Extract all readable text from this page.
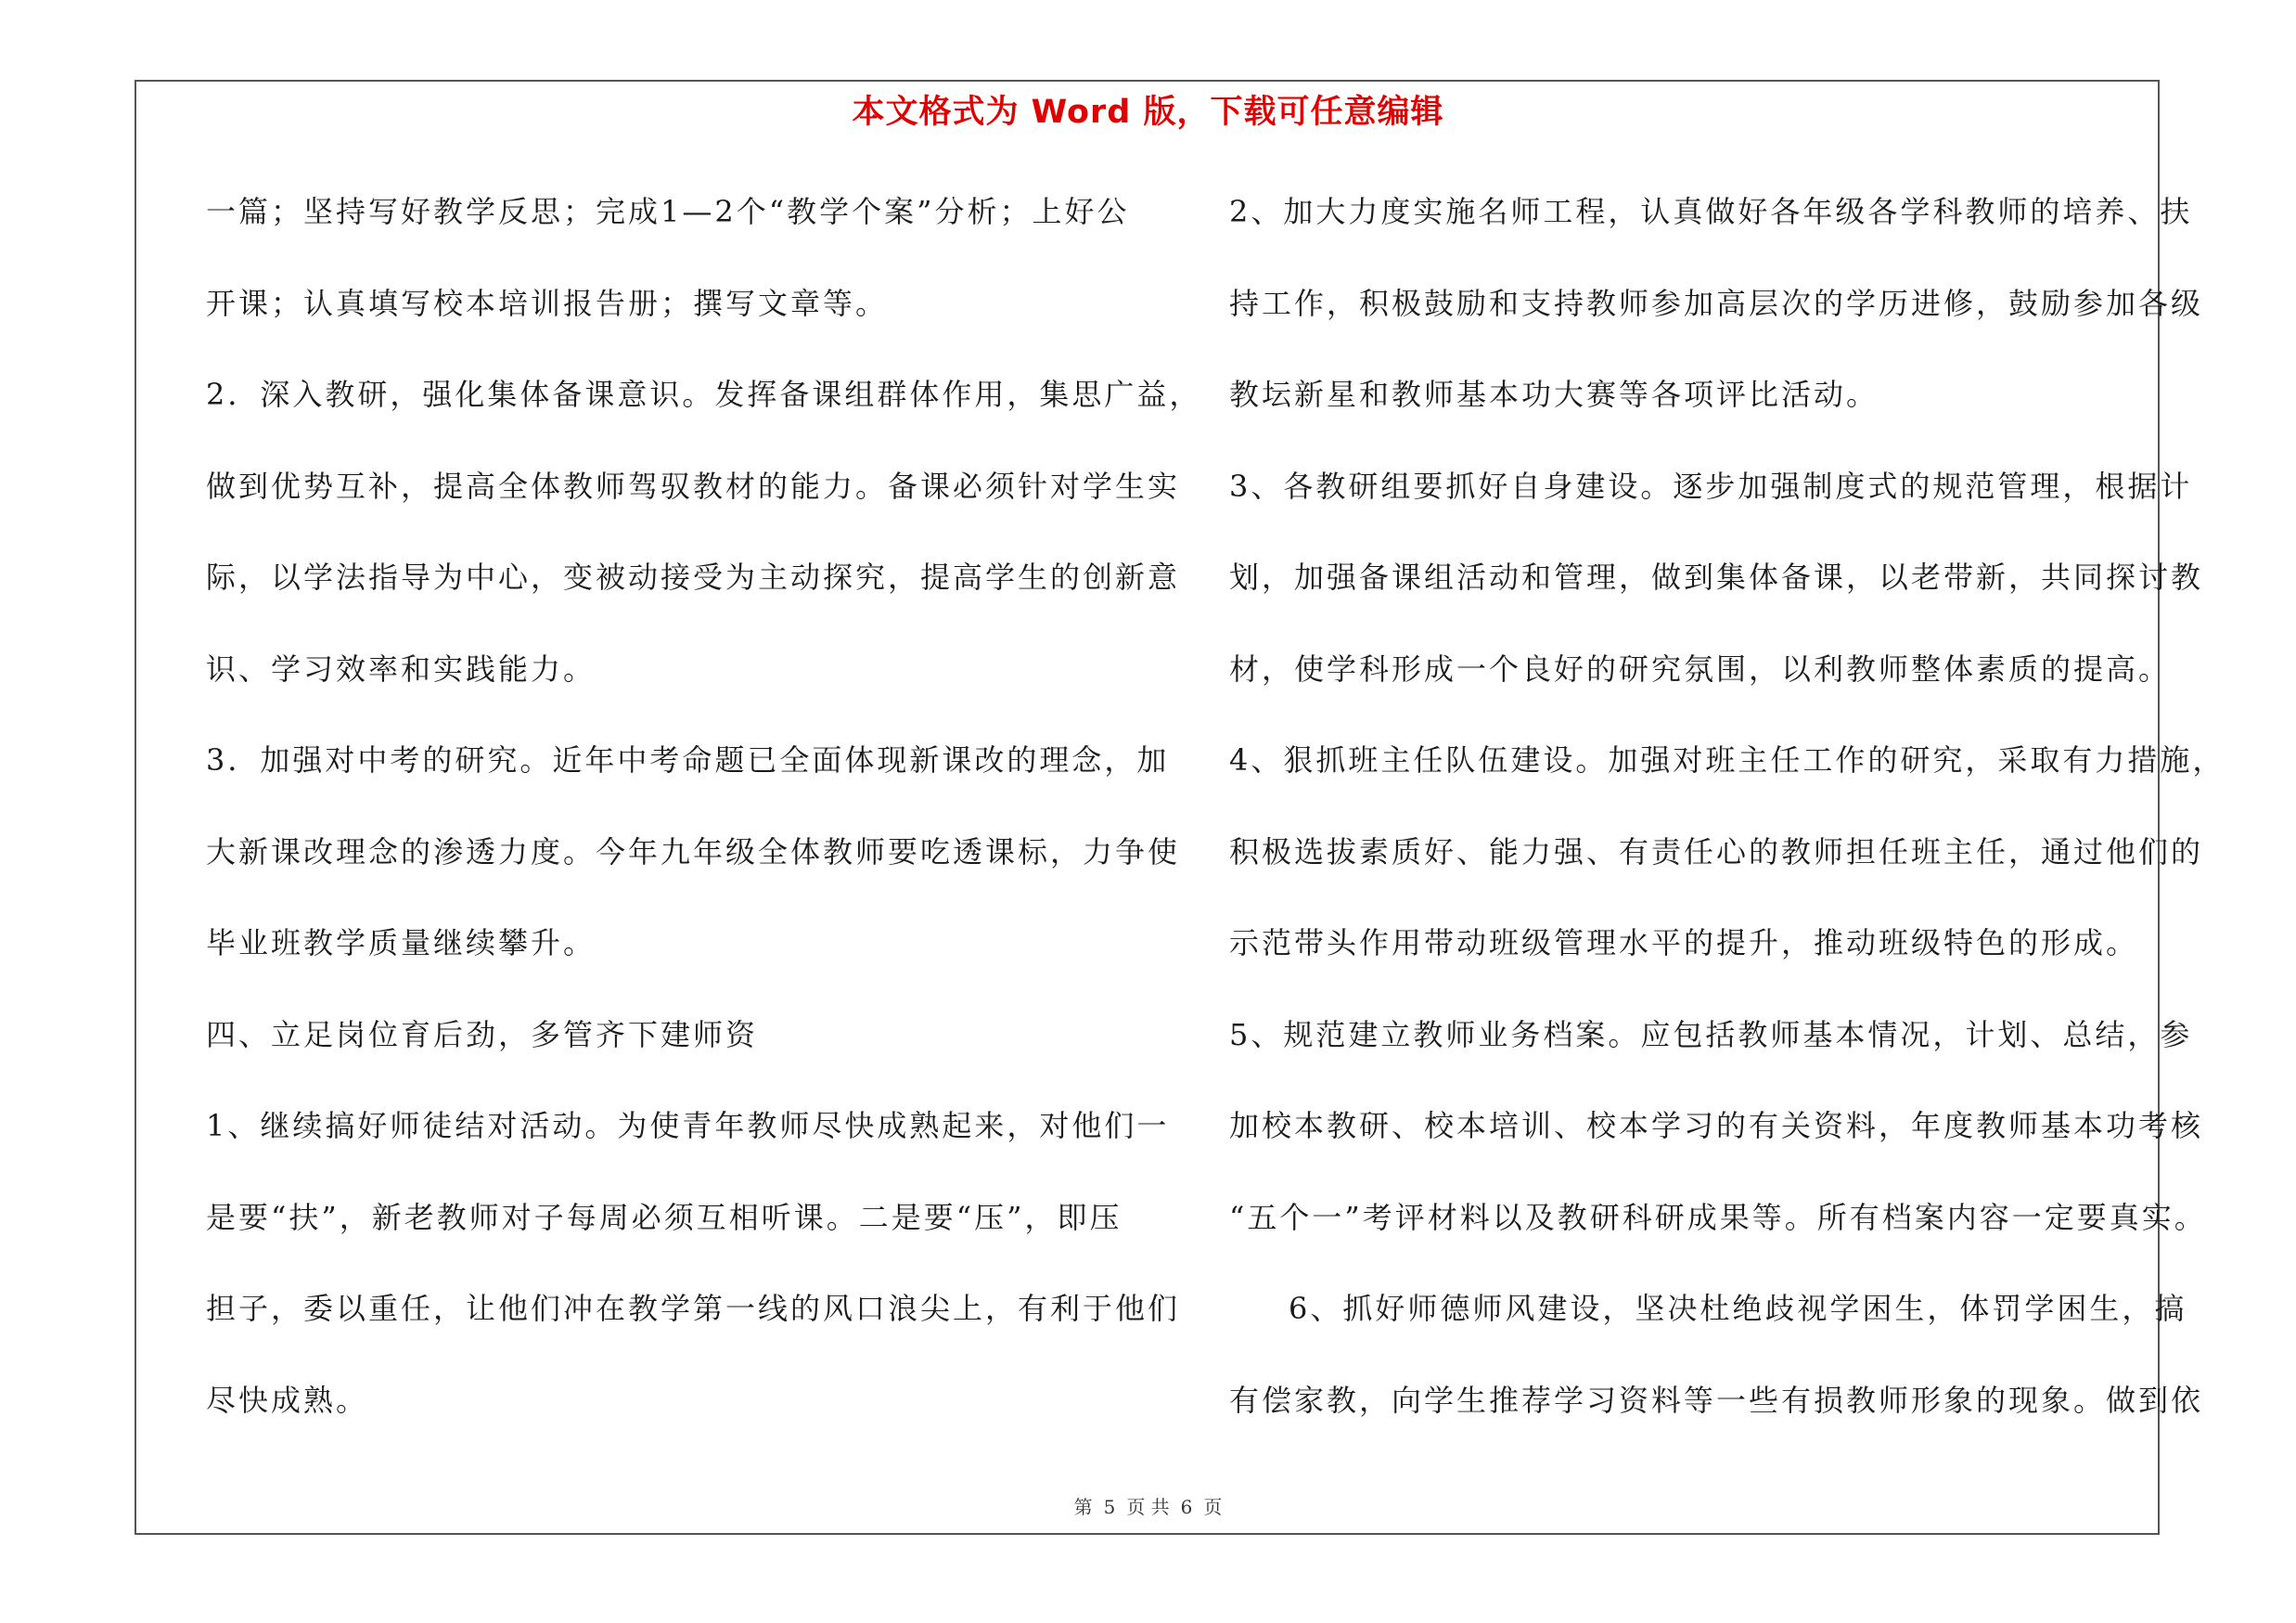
本文格式为 Word 版，下载可任意编辑

一篇；坚持写好教学反思；完成1—2个“教学个案”分析；上好公
开课；认真填写校本培训报告册；撰写文章等。
2．深入教研，强化集体备课意识。发挥备课组群体作用，集思广益，
做到优势互补，提高全体教师驾驭教材的能力。备课必须针对学生实
际，以学法指导为中心，变被动接受为主动探究，提高学生的创新意
识、学习效率和实践能力。
3．加强对中考的研究。近年中考命题已全面体现新课改的理念，加
大新课改理念的渗透力度。今年九年级全体教师要吃透课标，力争使
毕业班教学质量继续攀升。
四、立足岗位育后劲，多管齐下建师资
1、继续搞好师徒结对活动。为使青年教师尽快成熟起来，对他们一
是要“扶”，新老教师对子每周必须互相听课。二是要“压”，即压
担子，委以重任，让他们冲在教学第一线的风口浪尖上，有利于他们
尽快成熟。
2、加大力度实施名师工程，认真做好各年级各学科教师的培养、扶
持工作，积极鼓励和支持教师参加高层次的学历进修，鼓励参加各级
教坛新星和教师基本功大赛等各项评比活动。
3、各教研组要抓好自身建设。逐步加强制度式的规范管理，根据计
划，加强备课组活动和管理，做到集体备课，以老带新，共同探讨教
材，使学科形成一个良好的研究氛围，以利教师整体素质的提高。
4、狠抓班主任队伍建设。加强对班主任工作的研究，采取有力措施，
积极选拔素质好、能力强、有责任心的教师担任班主任，通过他们的
示范带头作用带动班级管理水平的提升，推动班级特色的形成。
5、规范建立教师业务档案。应包括教师基本情况，计划、总结，参
加校本教研、校本培训、校本学习的有关资料，年度教师基本功考核
“五个一”考评材料以及教研科研成果等。所有档案内容一定要真实。
6、抓好师德师风建设，坚决杜绝歧视学困生，体罚学困生，搞
有偿家教，向学生推荐学习资料等一些有损教师形象的现象。做到依

第 5 页 共 6 页
